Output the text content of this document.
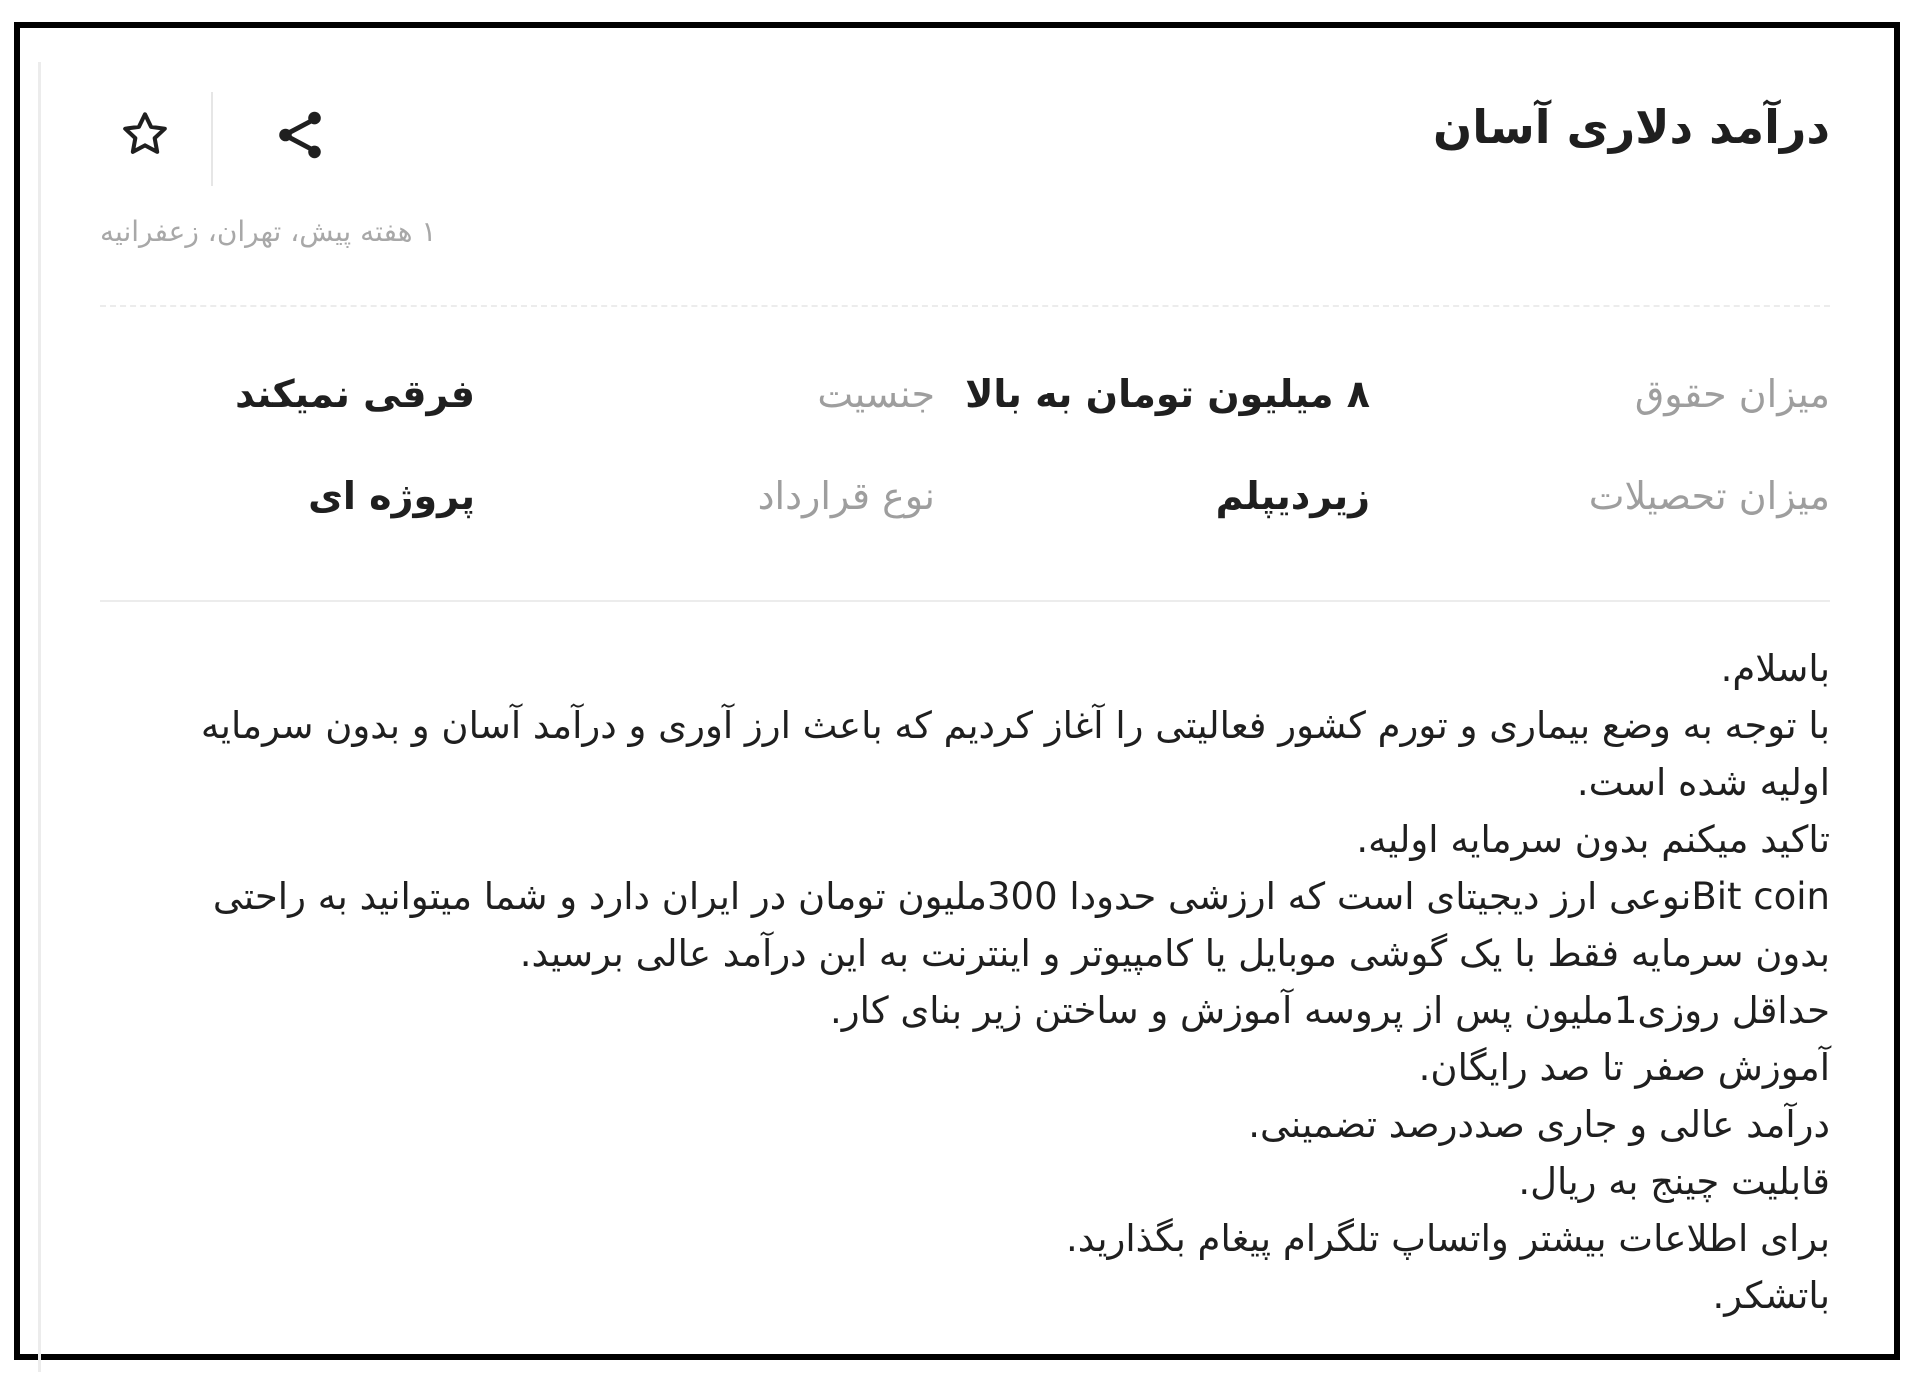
درآمد دلاری آسان
۱ هفته پیش، تهران، زعفرانیه
میزان حقوق
۸ میلیون تومان به بالا
جنسیت
فرقی نمیکند
میزان تحصیلات
زیردیپلم
نوع قرارداد
پروژه ای

باسلام.

با توجه به وضع بیماری و تورم کشور فعالیتی را آغاز کردیم که باعث ارز آوری و درآمد آسان و بدون سرمایه اولیه شده است.

تاکید میکنم بدون سرمایه اولیه.

Bit coinنوعی ارز دیجیتای است که ارزشی حدودا 300ملیون تومان در ایران دارد و شما میتوانید به راحتی بدون سرمایه فقط با یک گوشی موبایل یا کامپیوتر و اینترنت به این درآمد عالی برسید.

حداقل روزی1ملیون پس از پروسه آموزش و ساختن زیر بنای کار.

آموزش صفر تا صد رایگان.

درآمد عالی و جاری صددرصد تضمینی.

قابلیت چینج به ریال.

برای اطلاعات بیشتر واتساپ تلگرام پیغام بگذارید.

باتشکر.
